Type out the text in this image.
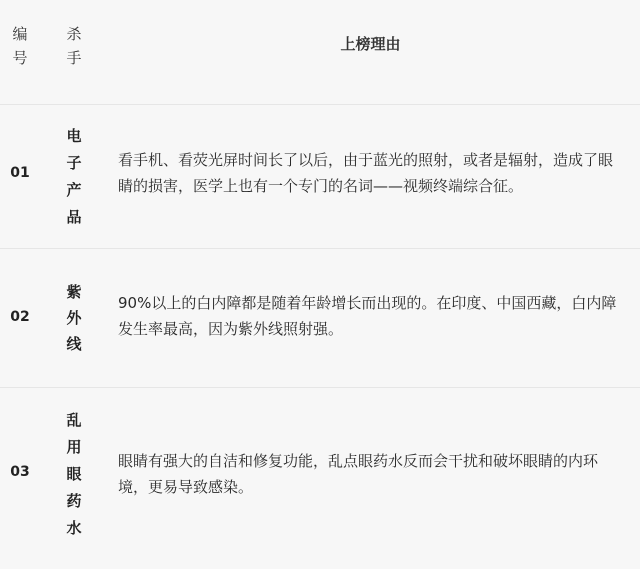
编
号
杀
手
上榜理由
01
电
子
产
品
看手机、看荧光屏时间长了以后，由于蓝光的照射，或者是辐射，造成了眼睛的损害，医学上也有一个专门的名词——视频终端综合征。
02
紫
外
线
90%以上的白内障都是随着年龄增长而出现的。在印度、中国西藏，白内障发生率最高，因为紫外线照射强。
03
乱
用
眼
药
水
眼睛有强大的自洁和修复功能，乱点眼药水反而会干扰和破坏眼睛的内环境，更易导致感染。
